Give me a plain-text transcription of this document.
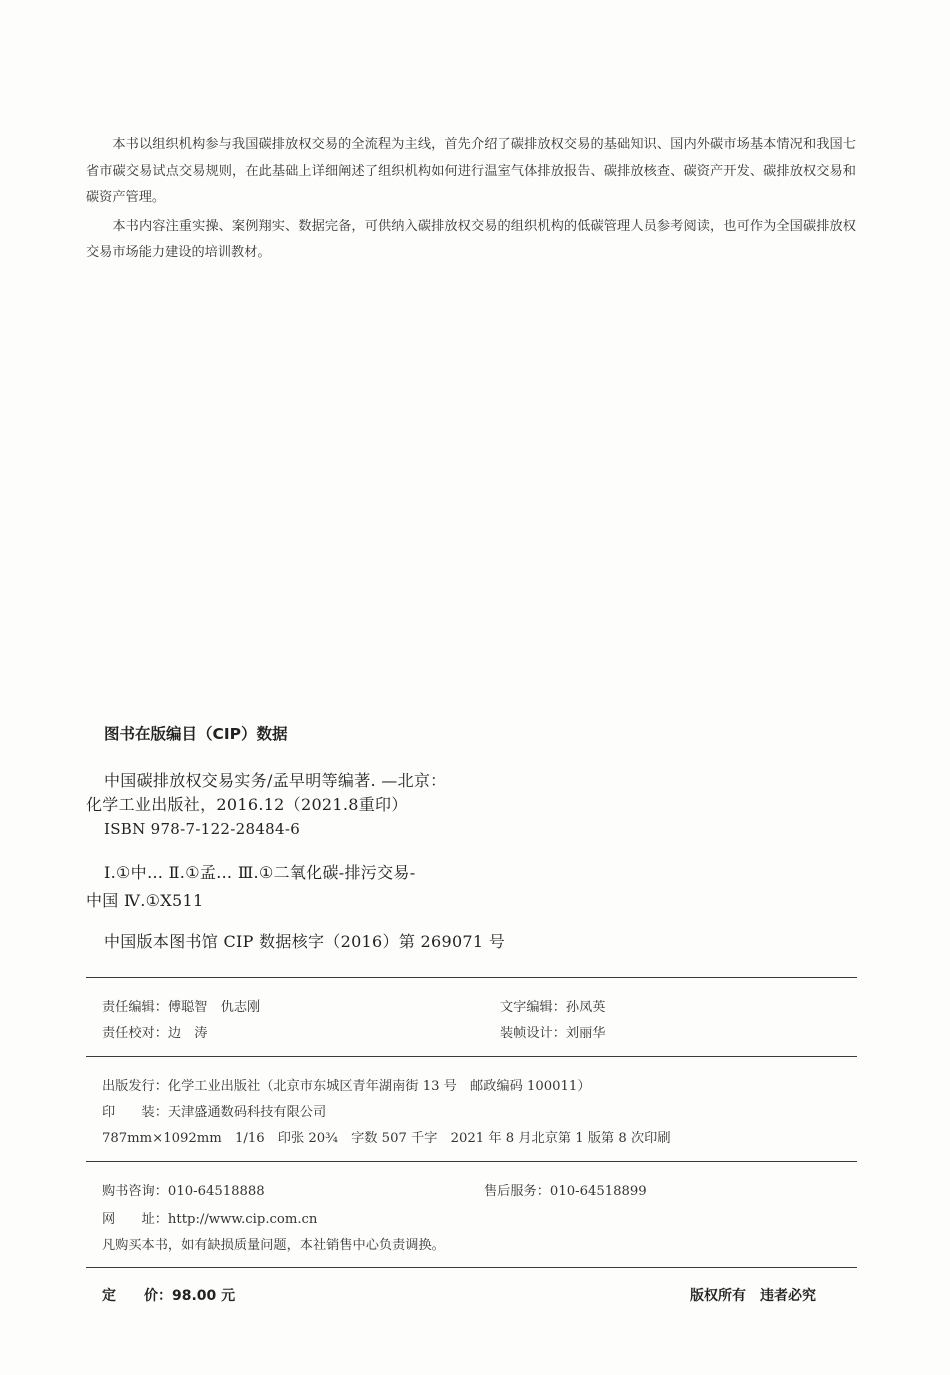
本书以组织机构参与我国碳排放权交易的全流程为主线，首先介绍了碳排放权交易的基础知识、国内外碳市场基本情况和我国七省市碳交易试点交易规则，在此基础上详细阐述了组织机构如何进行温室气体排放报告、碳排放核查、碳资产开发、碳排放权交易和碳资产管理。

本书内容注重实操、案例翔实、数据完备，可供纳入碳排放权交易的组织机构的低碳管理人员参考阅读，也可作为全国碳排放权交易市场能力建设的培训教材。

图书在版编目（CIP）数据
中国碳排放权交易实务/孟早明等编著. —北京：
化学工业出版社，2016.12（2021.8重印）
ISBN 978-7-122-28484-6
Ⅰ.①中… Ⅱ.①孟… Ⅲ.①二氧化碳-排污交易-
中国 Ⅳ.①X511
中国版本图书馆 CIP 数据核字（2016）第 269071 号
责任编辑：傅聪智　仇志刚	文字编辑：孙凤英
责任校对：边　涛	装帧设计：刘丽华
出版发行：化学工业出版社（北京市东城区青年湖南街 13 号　邮政编码 100011）
印　　装：天津盛通数码科技有限公司
787mm×1092mm　1/16　印张 20¾　字数 507 千字　2021 年 8 月北京第 1 版第 8 次印刷
购书咨询：010-64518888	售后服务：010-64518899
网　　址：http://www.cip.com.cn
凡购买本书，如有缺损质量问题，本社销售中心负责调换。
定　　价：98.00 元	版权所有　违者必究
